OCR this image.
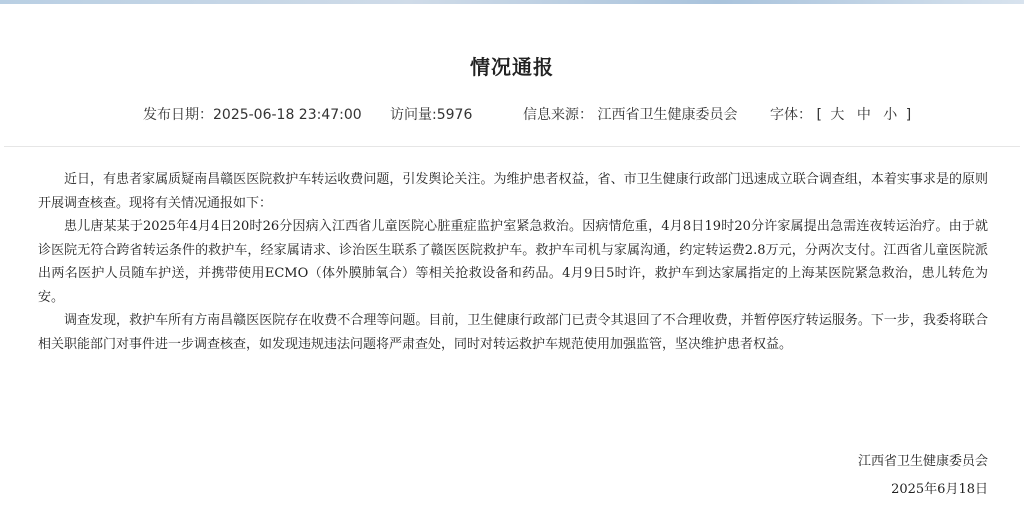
情况通报
发布日期：2025-06-18 23:47:00 访问量:5976	信息来源： 江西省卫生健康委员会 字体： [ 大 中 小 ]

近日，有患者家属质疑南昌赣医医院救护车转运收费问题，引发舆论关注。为维护患者权益，省、市卫生健康行政部门迅速成立联合调查组，本着实事求是的原则开展调查核查。现将有关情况通报如下：

患儿唐某某于2025年4月4日20时26分因病入江西省儿童医院心脏重症监护室紧急救治。因病情危重，4月8日19时20分许家属提出急需连夜转运治疗。由于就诊医院无符合跨省转运条件的救护车，经家属请求、诊治医生联系了赣医医院救护车。救护车司机与家属沟通，约定转运费2.8万元，分两次支付。江西省儿童医院派出两名医护人员随车护送，并携带使用ECMO（体外膜肺氧合）等相关抢救设备和药品。4月9日5时许，救护车到达家属指定的上海某医院紧急救治，患儿转危为安。

调查发现，救护车所有方南昌赣医医院存在收费不合理等问题。目前，卫生健康行政部门已责令其退回了不合理收费，并暂停医疗转运服务。下一步，我委将联合相关职能部门对事件进一步调查核查，如发现违规违法问题将严肃查处，同时对转运救护车规范使用加强监管，坚决维护患者权益。

江西省卫生健康委员会
2025年6月18日
